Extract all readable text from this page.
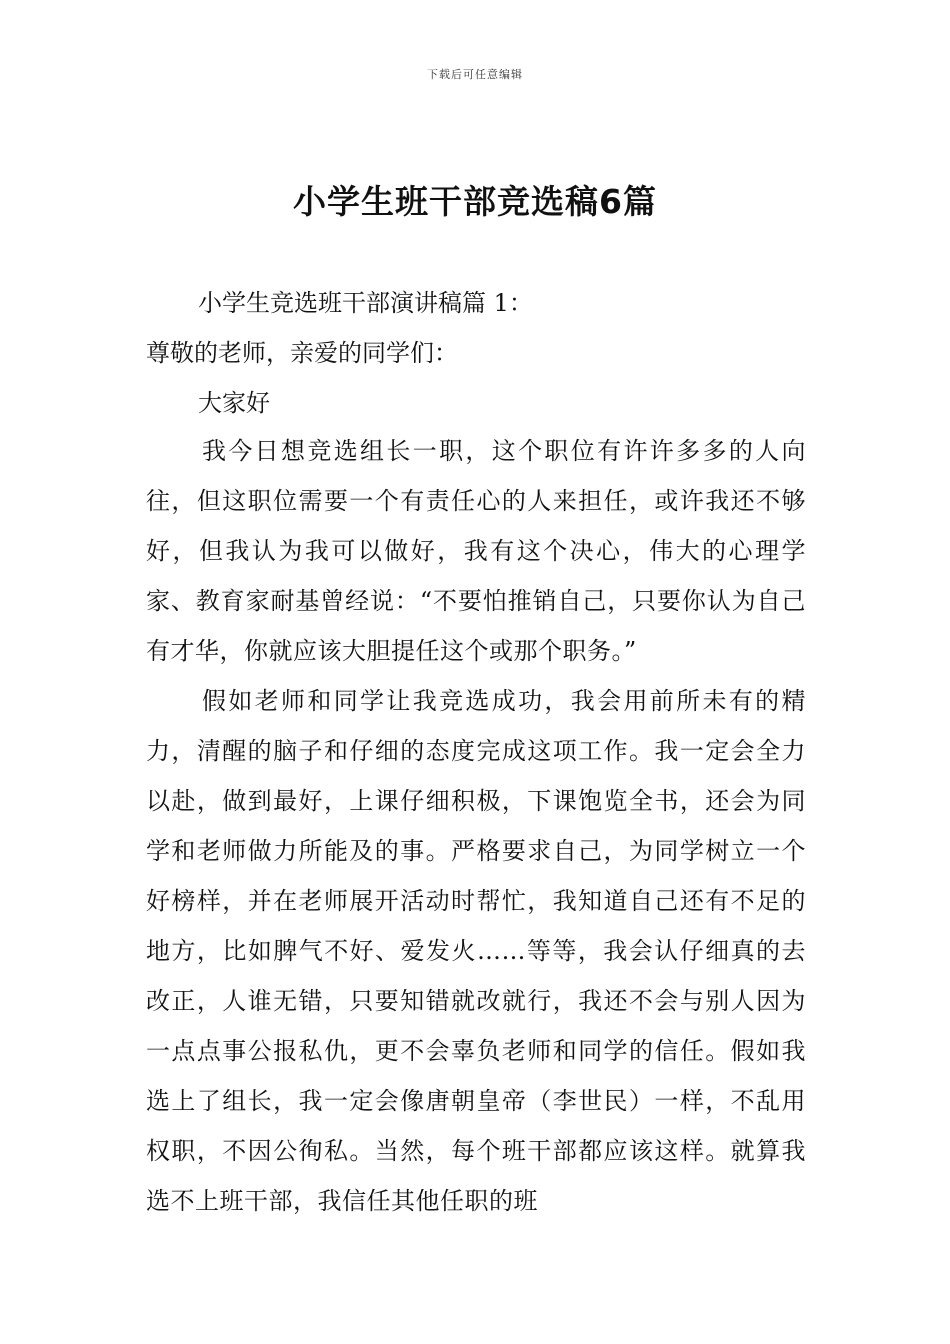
下载后可任意编辑
小学生班干部竞选稿6篇

小学生竞选班干部演讲稿篇 1：

尊敬的老师，亲爱的同学们：

大家好

我今日想竞选组长一职，这个职位有许许多多的人向往，但这职位需要一个有责任心的人来担任，或许我还不够好，但我认为我可以做好，我有这个决心，伟大的心理学家、教育家耐基曾经说：“不要怕推销自己，只要你认为自己有才华，你就应该大胆提任这个或那个职务。”

假如老师和同学让我竞选成功，我会用前所未有的精力，清醒的脑子和仔细的态度完成这项工作。我一定会全力以赴，做到最好，上课仔细积极，下课饱览全书，还会为同学和老师做力所能及的事。严格要求自己，为同学树立一个好榜样，并在老师展开活动时帮忙，我知道自己还有不足的地方，比如脾气不好、爱发火……等等，我会认仔细真的去改正，人谁无错，只要知错就改就行，我还不会与别人因为一点点事公报私仇，更不会辜负老师和同学的信任。假如我选上了组长，我一定会像唐朝皇帝（李世民）一样，不乱用权职，不因公徇私。当然，每个班干部都应该这样。就算我选不上班干部，我信任其他任职的班
